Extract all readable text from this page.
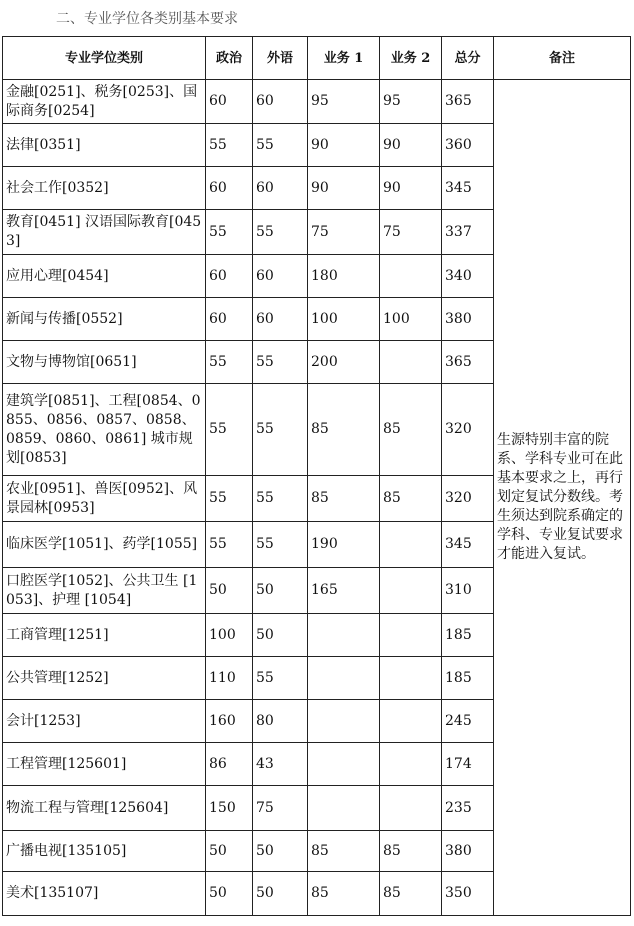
二、专业学位各类别基本要求
专业学位类别	政治	外语	业务 1	业务 2	总分	备注
金融[0251]、税务[0253]、国际商务[0254]	60	60	95	95	365	生源特别丰富的院系、学科专业可在此基本要求之上，再行划定复试分数线。考生须达到院系确定的学科、专业复试要求才能进入复试。
法律[0351]	55	55	90	90	360	
社会工作[0352]	60	60	90	90	345	
教育[0451] 汉语国际教育[0453]	55	55	75	75	337	
应用心理[0454]	60	60	180		340	
新闻与传播[0552]	60	60	100	100	380	
文物与博物馆[0651]	55	55	200		365	
建筑学[0851]、工程[0854、0855、0856、0857、0858、0859、0860、0861] 城市规划[0853]	55	55	85	85	320	
农业[0951]、兽医[0952]、风景园林[0953]	55	55	85	85	320	
临床医学[1051]、药学[1055]	55	55	190		345	
口腔医学[1052]、公共卫生 [1053]、护理 [1054]	50	50	165		310	
工商管理[1251]	100	50			185	
公共管理[1252]	110	55			185	
会计[1253]	160	80			245	
工程管理[125601]	86	43			174	
物流工程与管理[125604]	150	75			235	
广播电视[135105]	50	50	85	85	380	
美术[135107]	50	50	85	85	350	
